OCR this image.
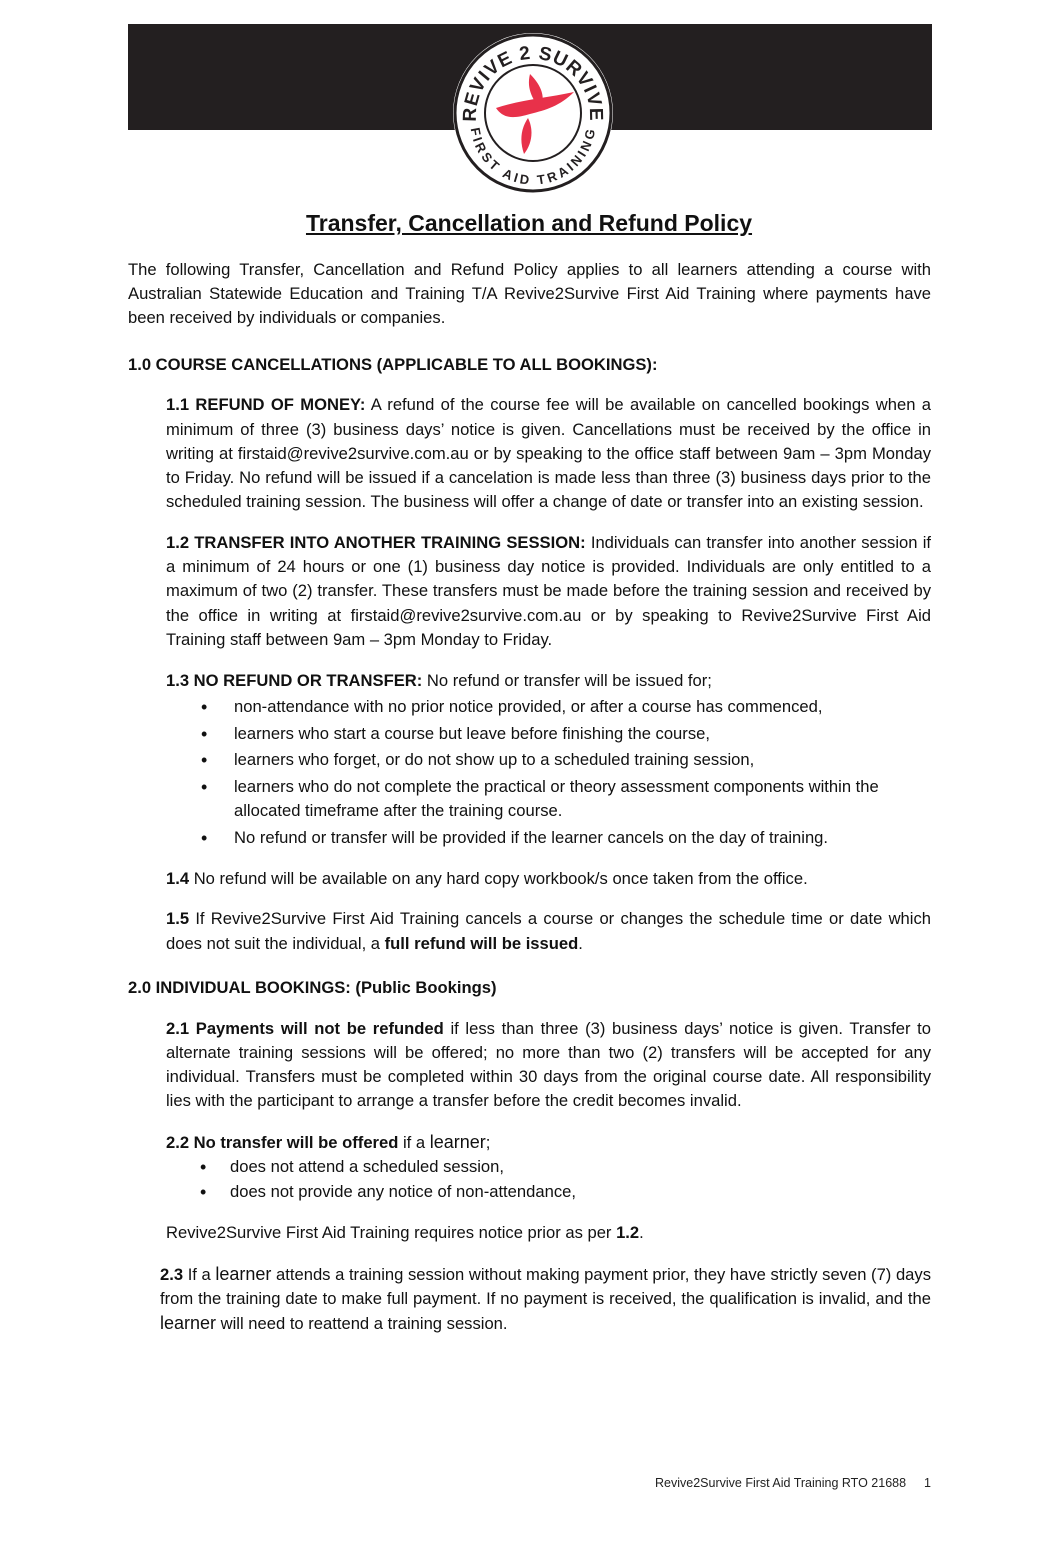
REVIVE 2 SURVIVE
FIRST AID TRAINING
Transfer, Cancellation and Refund Policy

The following Transfer, Cancellation and Refund Policy applies to all learners attending a course with Australian Statewide Education and Training T/A Revive2Survive First Aid Training where payments have been received by individuals or companies.

1.0 COURSE CANCELLATIONS (APPLICABLE TO ALL BOOKINGS):

1.1 REFUND OF MONEY: A refund of the course fee will be available on cancelled bookings when a minimum of three (3) business days’ notice is given. Cancellations must be received by the office in writing at firstaid@revive2survive.com.au or by speaking to the office staff between 9am – 3pm Monday to Friday. No refund will be issued if a cancelation is made less than three (3) business days prior to the scheduled training session. The business will offer a change of date or transfer into an existing session.

1.2 TRANSFER INTO ANOTHER TRAINING SESSION: Individuals can transfer into another session if a minimum of 24 hours or one (1) business day notice is provided. Individuals are only entitled to a maximum of two (2) transfer. These transfers must be made before the training session and received by the office in writing at firstaid@revive2survive.com.au or by speaking to Revive2Survive First Aid Training staff between 9am – 3pm Monday to Friday.

1.3 NO REFUND OR TRANSFER: No refund or transfer will be issued for;

• non-attendance with no prior notice provided, or after a course has commenced,
• learners who start a course but leave before finishing the course,
• learners who forget, or do not show up to a scheduled training session,
• learners who do not complete the practical or theory assessment components within the allocated timeframe after the training course.
• No refund or transfer will be provided if the learner cancels on the day of training.

1.4 No refund will be available on any hard copy workbook/s once taken from the office.

1.5 If Revive2Survive First Aid Training cancels a course or changes the schedule time or date which does not suit the individual, a full refund will be issued.

2.0 INDIVIDUAL BOOKINGS: (Public Bookings)

2.1 Payments will not be refunded if less than three (3) business days’ notice is given. Transfer to alternate training sessions will be offered; no more than two (2) transfers will be accepted for any individual. Transfers must be completed within 30 days from the original course date. All responsibility lies with the participant to arrange a transfer before the credit becomes invalid.

2.2 No transfer will be offered if a learner;

• does not attend a scheduled session,
• does not provide any notice of non-attendance,

Revive2Survive First Aid Training requires notice prior as per 1.2.

2.3 If a learner attends a training session without making payment prior, they have strictly seven (7) days from the training date to make full payment. If no payment is received, the qualification is invalid, and the learner will need to reattend a training session.

Revive2Survive First Aid Training RTO 21688 1
